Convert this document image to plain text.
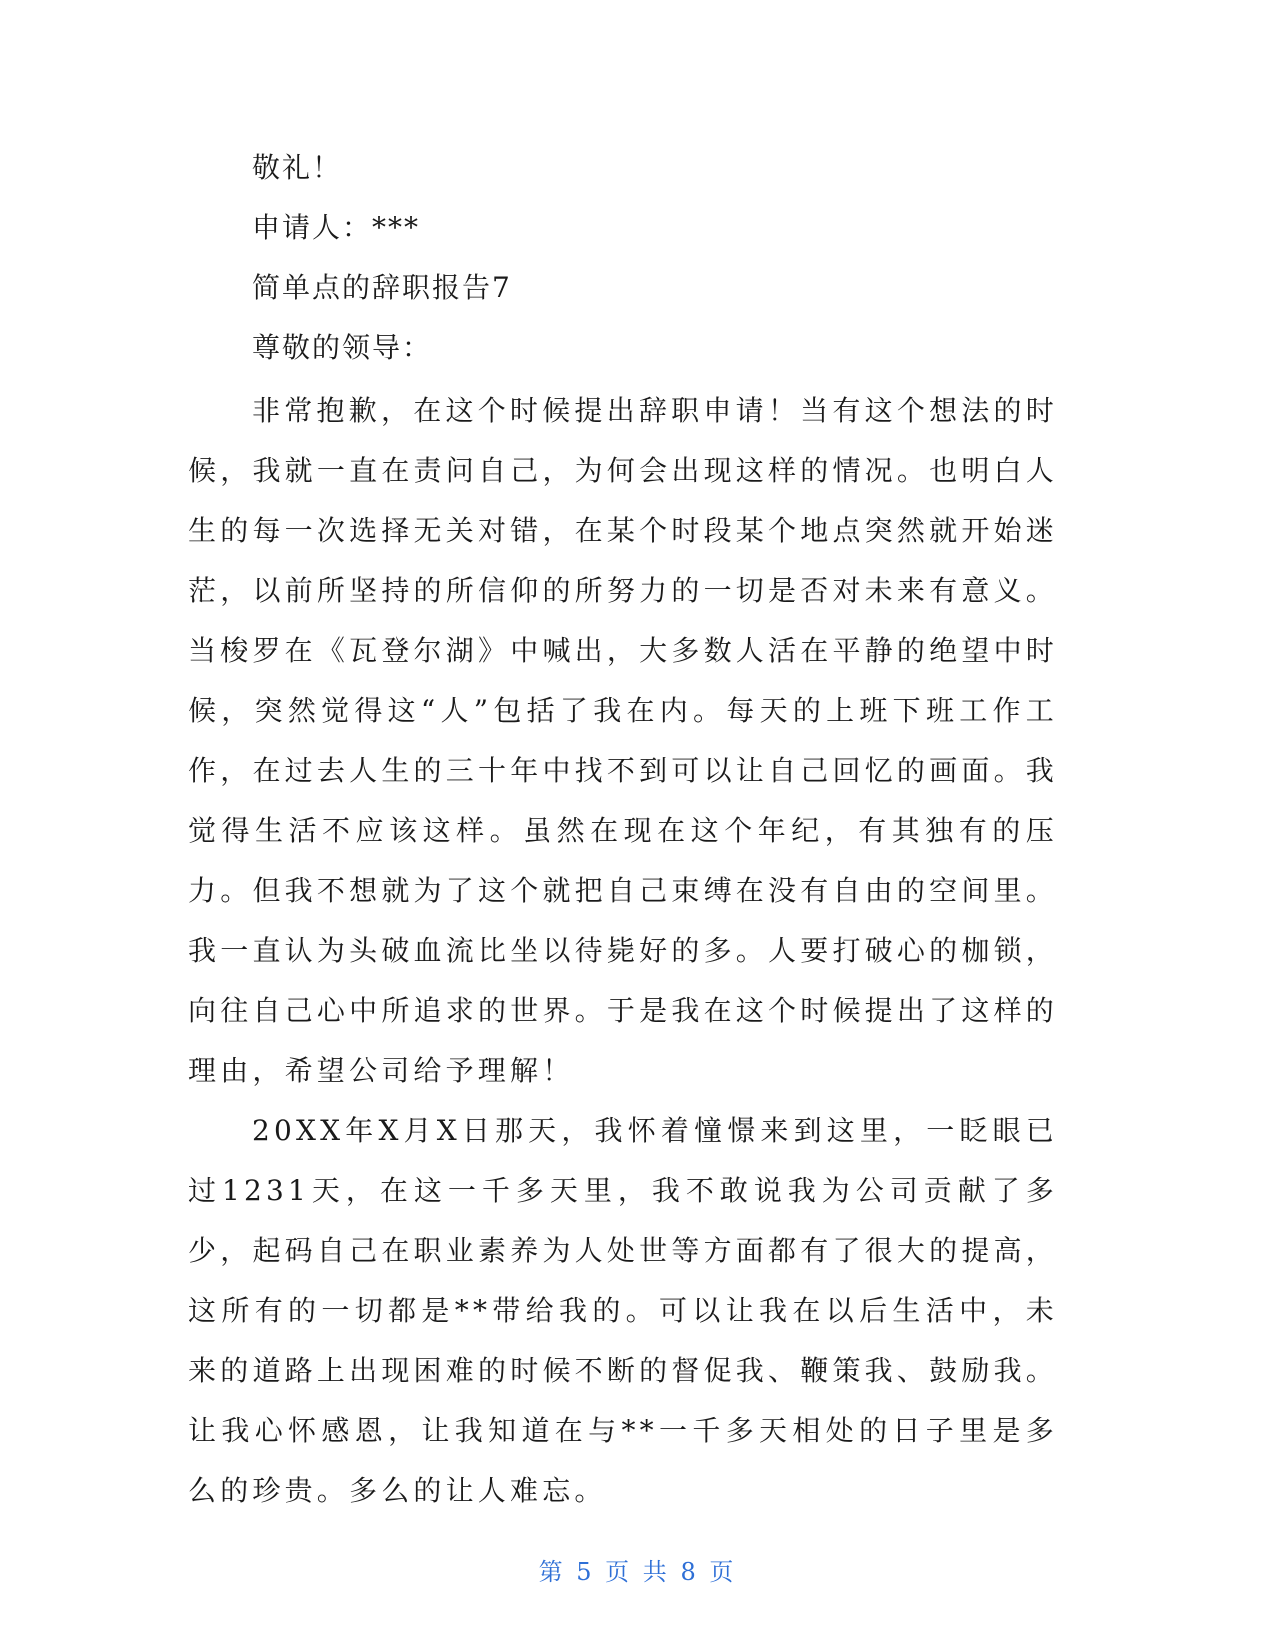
敬礼！
申请人：***
简单点的辞职报告7
尊敬的领导：

非常抱歉，在这个时候提出辞职申请！当有这个想法的时候，我就一直在责问自己，为何会出现这样的情况。也明白人生的每一次选择无关对错，在某个时段某个地点突然就开始迷茫，以前所坚持的所信仰的所努力的一切是否对未来有意义。当梭罗在《瓦登尔湖》中喊出，大多数人活在平静的绝望中时候，突然觉得这“人”包括了我在内。每天的上班下班工作工作，在过去人生的三十年中找不到可以让自己回忆的画面。我觉得生活不应该这样。虽然在现在这个年纪，有其独有的压力。但我不想就为了这个就把自己束缚在没有自由的空间里。我一直认为头破血流比坐以待毙好的多。人要打破心的枷锁，向往自己心中所追求的世界。于是我在这个时候提出了这样的理由，希望公司给予理解！

20XX年X月X日那天，我怀着憧憬来到这里，一眨眼已过1231天，在这一千多天里，我不敢说我为公司贡献了多少，起码自己在职业素养为人处世等方面都有了很大的提高，这所有的一切都是**带给我的。可以让我在以后生活中，未来的道路上出现困难的时候不断的督促我、鞭策我、鼓励我。让我心怀感恩，让我知道在与**一千多天相处的日子里是多么的珍贵。多么的让人难忘。

第 5 页 共 8 页
